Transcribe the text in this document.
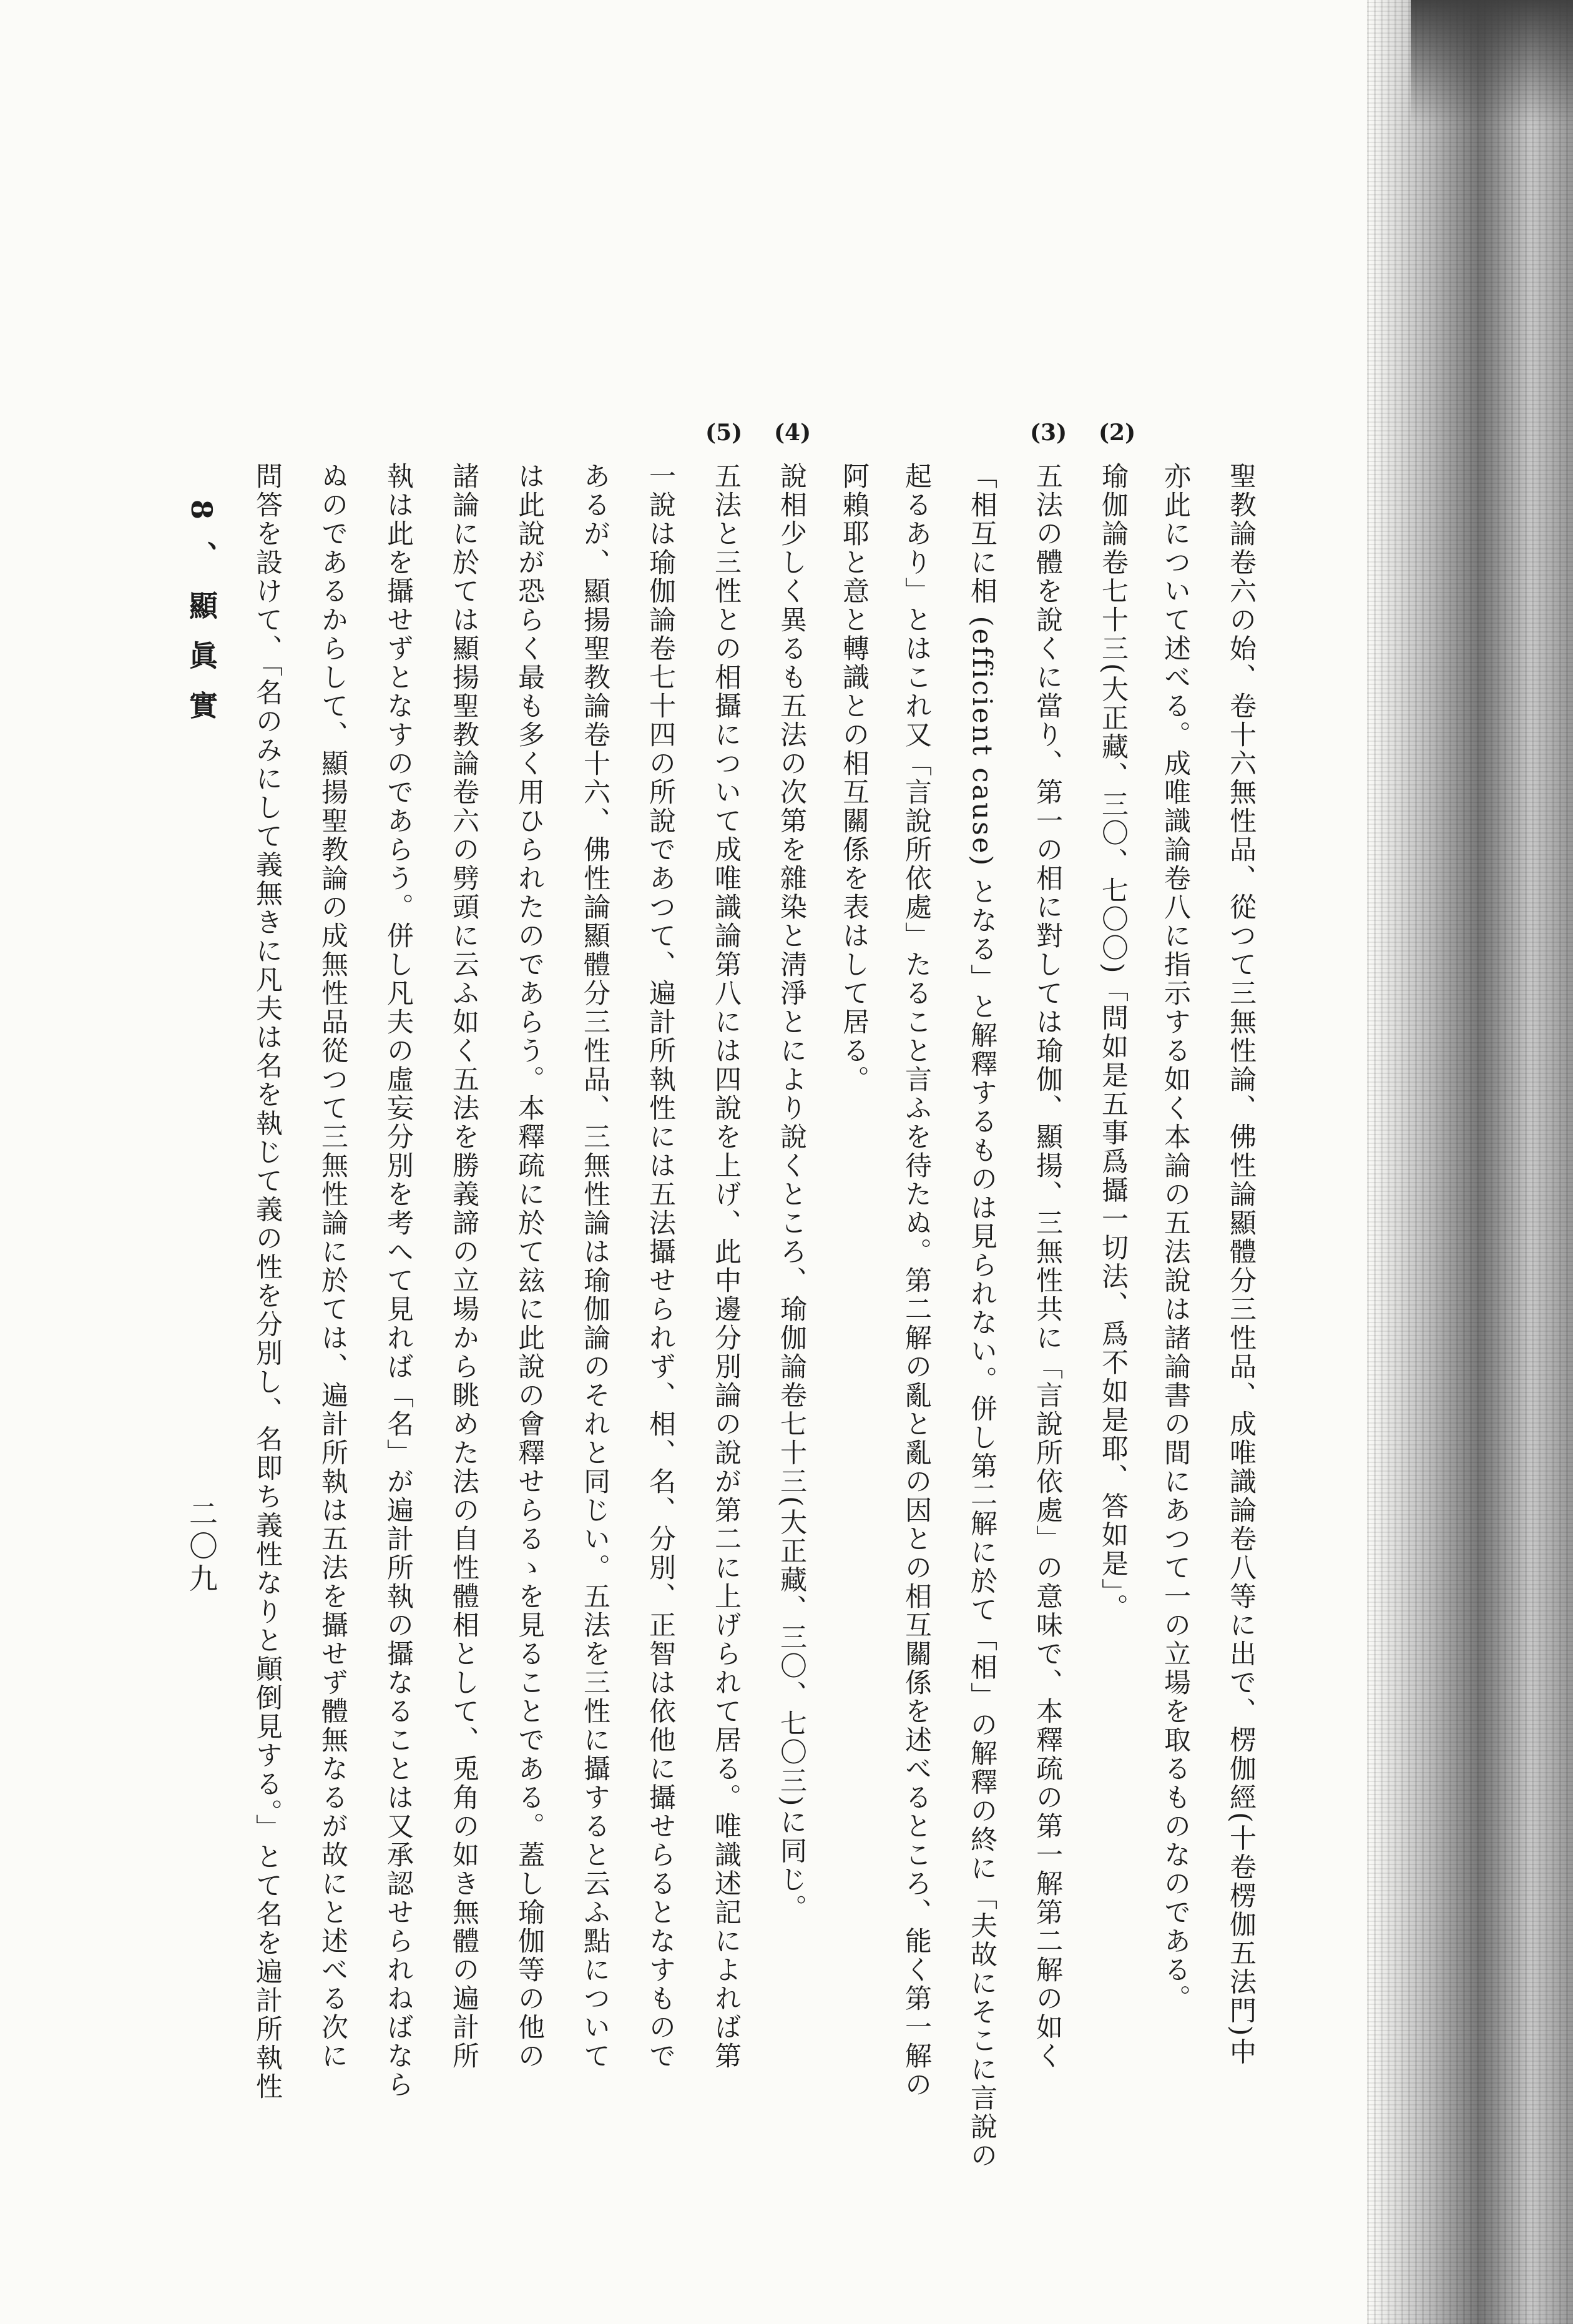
(2)
(3)
(4)
(5)
聖教論卷六の始、卷十六無性品、從つて三無性論、佛性論顯體分三性品、成唯識論卷八等に出で、楞伽經(十卷楞伽五法門)中
亦此について述べる。成唯識論卷八に指示する如く本論の五法說は諸論書の間にあつて一の立場を取るものなのである。
瑜伽論卷七十三(大正藏、三〇、七〇〇)「問如是五事爲攝一切法、爲不如是耶、答如是」。
五法の體を說くに當り、第一の相に對しては瑜伽、顯揚、三無性共に「言說所依處」の意味で、本釋疏の第一解第二解の如く
「相互に相 (efficient cause) となる」と解釋するものは見られない。併し第二解に於て「相」の解釋の終に「夫故にそこに言說の
起るあり」とはこれ又「言說所依處」たること言ふを待たぬ。第二解の亂と亂の因との相互關係を述べるところ、能く第一解の
阿賴耶と意と轉識との相互關係を表はして居る。
說相少しく異るも五法の次第を雜染と淸淨とにより說くところ、瑜伽論卷七十三(大正藏、三〇、七〇三)に同じ。
五法と三性との相攝について成唯識論第八には四說を上げ、此中邊分別論の說が第二に上げられて居る。唯識述記によれば第
一說は瑜伽論卷七十四の所說であつて、遍計所執性には五法攝せられず、相、名、分別、正智は依他に攝せらるとなすもので
あるが、顯揚聖教論卷十六、佛性論顯體分三性品、三無性論は瑜伽論のそれと同じい。五法を三性に攝すると云ふ點について
は此說が恐らく最も多く用ひられたのであらう。本釋疏に於て玆に此說の會釋せらるゝを見ることである。蓋し瑜伽等の他の
諸論に於ては顯揚聖教論卷六の劈頭に云ふ如く五法を勝義諦の立場から眺めた法の自性體相として、兎角の如き無體の遍計所
執は此を攝せずとなすのであらう。併し凡夫の虛妄分別を考へて見れば「名」が遍計所執の攝なることは又承認せられねばなら
ぬのであるからして、顯揚聖教論の成無性品從つて三無性論に於ては、遍計所執は五法を攝せず體無なるが故にと述べる次に
問答を設けて、「名のみにして義無きに凡夫は名を執じて義の性を分別し、名即ち義性なりと顚倒見する。」とて名を遍計所執性
8、顯眞實
二〇九
